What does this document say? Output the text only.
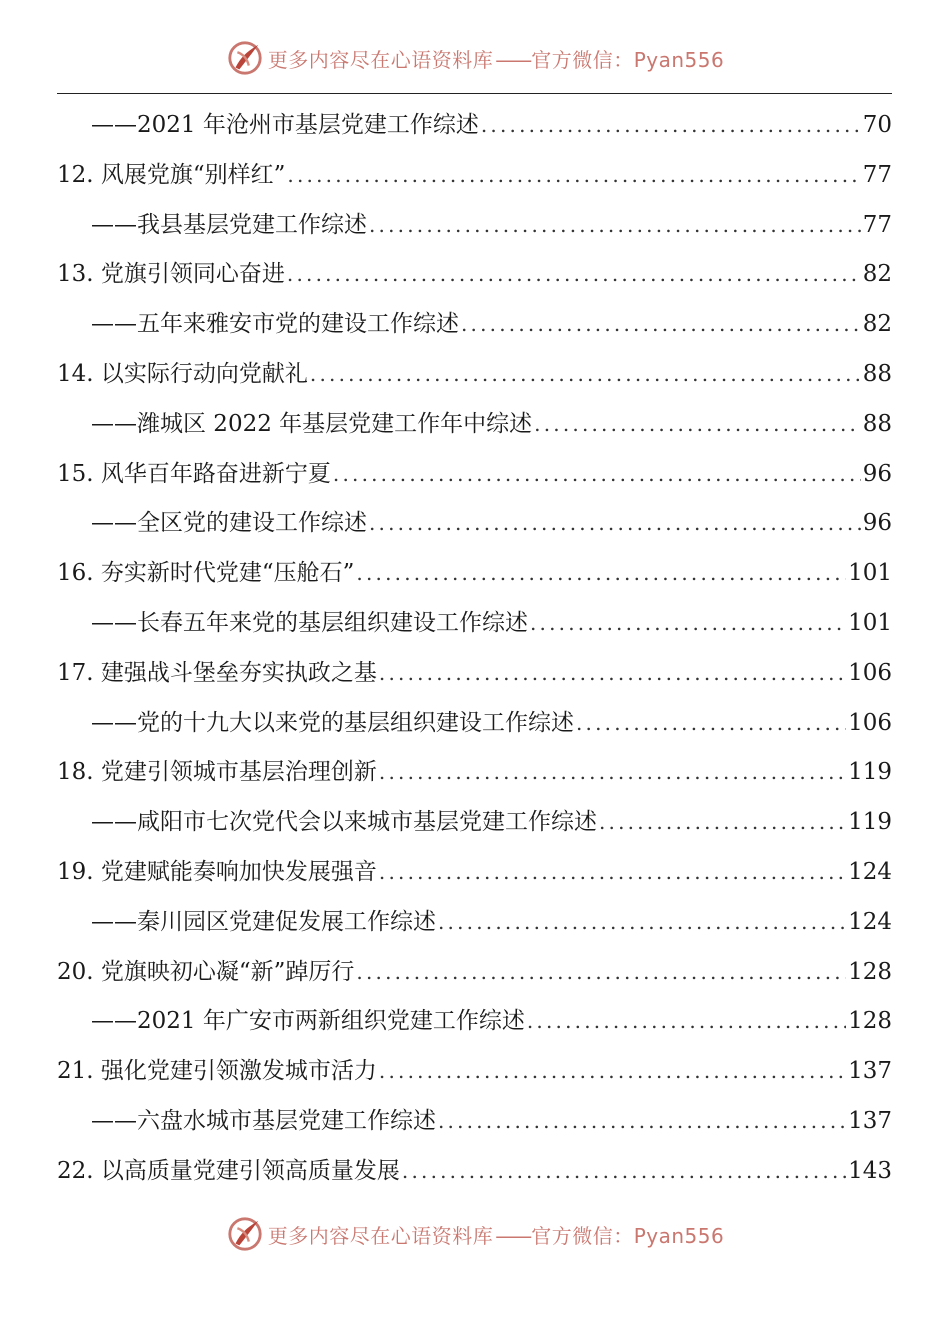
更多内容尽在心语资料库 —— 官方微信：Pyan556
——2021 年沧州市基层党建工作综述 .....	70
12. 风展党旗“别样红” .....	77
——我县基层党建工作综述 .....	77
13. 党旗引领同心奋进 .....	82
——五年来雅安市党的建设工作综述 .....	82
14. 以实际行动向党献礼 .....	88
——潍城区 2022 年基层党建工作年中综述 .....	88
15. 风华百年路奋进新宁夏 .....	96
——全区党的建设工作综述 .....	96
16. 夯实新时代党建“压舱石” .....	101
——长春五年来党的基层组织建设工作综述 .....	101
17. 建强战斗堡垒夯实执政之基 .....	106
——党的十九大以来党的基层组织建设工作综述 .....	106
18. 党建引领城市基层治理创新 .....	119
——咸阳市七次党代会以来城市基层党建工作综述 .....	119
19. 党建赋能奏响加快发展强音 .....	124
——秦川园区党建促发展工作综述 .....	124
20. 党旗映初心凝“新”踔厉行 .....	128
——2021 年广安市两新组织党建工作综述 .....	128
21. 强化党建引领激发城市活力 .....	137
——六盘水城市基层党建工作综述 .....	137
22. 以高质量党建引领高质量发展 .....	143
更多内容尽在心语资料库 —— 官方微信：Pyan556
